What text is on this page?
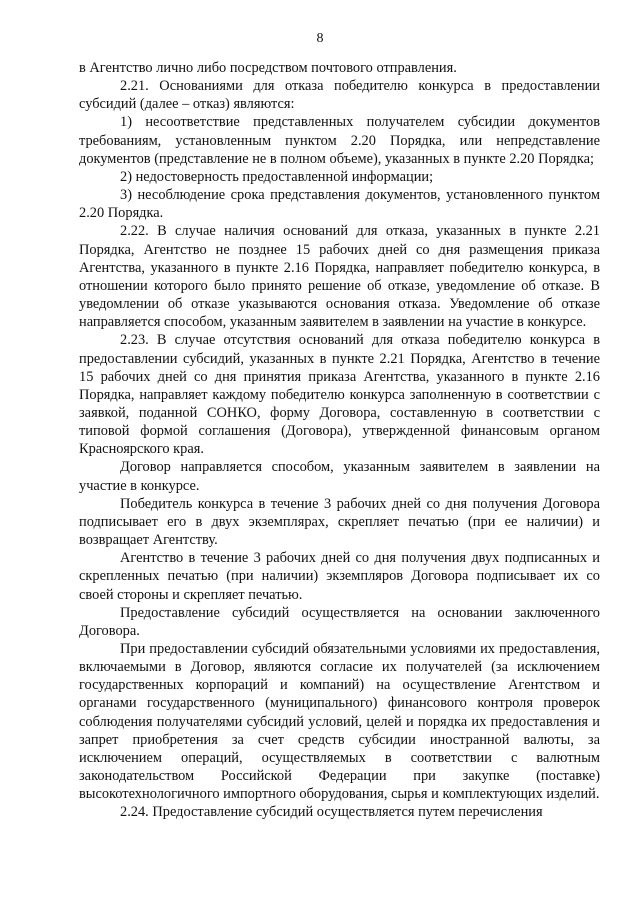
8

в Агентство лично либо посредством почтового отправления.

2.21. Основаниями для отказа победителю конкурса в предоставлении субсидий (далее – отказ) являются:

1) несоответствие представленных получателем субсидии документов требованиям, установленным пунктом 2.20 Порядка, или непредставление документов (представление не в полном объеме), указанных в пункте 2.20 Порядка;

2) недостоверность предоставленной информации;

3) несоблюдение срока представления документов, установленного пунктом 2.20 Порядка.

2.22. В случае наличия оснований для отказа, указанных в пункте 2.21 Порядка, Агентство не позднее 15 рабочих дней со дня размещения приказа Агентства, указанного в пункте 2.16 Порядка, направляет победителю конкурса, в отношении которого было принято решение об отказе, уведомление об отказе. В уведомлении об отказе указываются основания отказа. Уведомление об отказе направляется способом, указанным заявителем в заявлении на участие в конкурсе.

2.23. В случае отсутствия оснований для отказа победителю конкурса в предоставлении субсидий, указанных в пункте 2.21 Порядка, Агентство в течение 15 рабочих дней со дня принятия приказа Агентства, указанного в пункте 2.16 Порядка, направляет каждому победителю конкурса заполненную в соответствии с заявкой, поданной СОНКО, форму Договора, составленную в соответствии с типовой формой соглашения (Договора), утвержденной финансовым органом Красноярского края.

Договор направляется способом, указанным заявителем в заявлении на участие в конкурсе.

Победитель конкурса в течение 3 рабочих дней со дня получения Договора подписывает его в двух экземплярах, скрепляет печатью (при ее наличии) и возвращает Агентству.

Агентство в течение 3 рабочих дней со дня получения двух подписанных и скрепленных печатью (при наличии) экземпляров Договора подписывает их со своей стороны и скрепляет печатью.

Предоставление субсидий осуществляется на основании заключенного Договора.

При предоставлении субсидий обязательными условиями их предоставления, включаемыми в Договор, являются согласие их получателей (за исключением государственных корпораций и компаний) на осуществление Агентством и органами государственного (муниципального) финансового контроля проверок соблюдения получателями субсидий условий, целей и порядка их предоставления и запрет приобретения за счет средств субсидии иностранной валюты, за исключением операций, осуществляемых в соответствии с валютным законодательством Российской Федерации при закупке (поставке) высокотехнологичного импортного оборудования, сырья и комплектующих изделий.

2.24. Предоставление субсидий осуществляется путем перечисления
